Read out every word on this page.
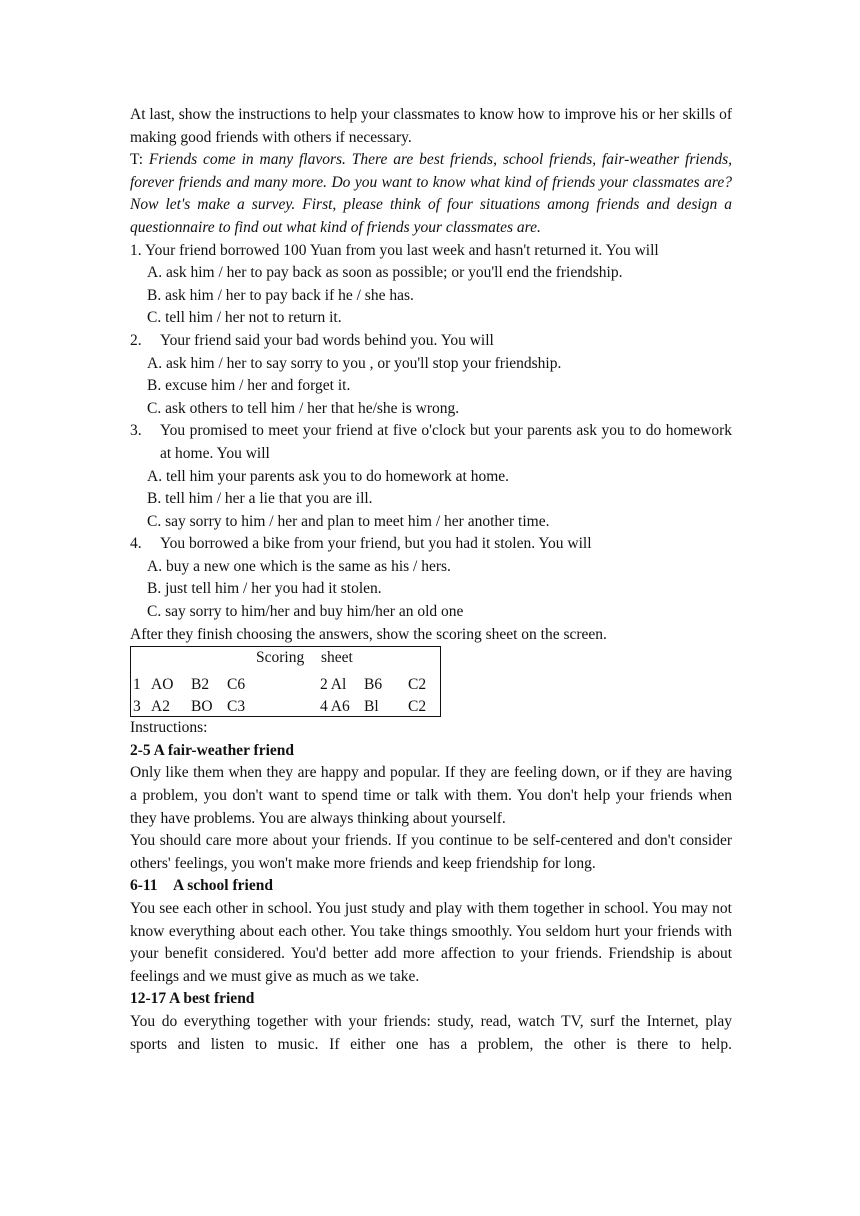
At last, show the instructions to help your classmates to know how to improve his or her skills of making good friends with others if necessary.

T: Friends come in many flavors. There are best friends, school friends, fair-weather friends, forever friends and many more. Do you want to know what kind of friends your classmates are? Now let's make a survey. First, please think of four situations among friends and design a questionnaire to find out what kind of friends your classmates are.

1. Your friend borrowed 100 Yuan from you last week and hasn't returned it. You will

A. ask him / her to pay back as soon as possible; or you'll end the friendship.

B. ask him / her to pay back if he / she has.

C. tell him / her not to return it.

2.	Your friend said your bad words behind you. You will

A. ask him / her to say sorry to you , or you'll stop your friendship.

B. excuse him / her and forget it.

C. ask others to tell him / her that he/she is wrong.

3.	You promised to meet your friend at five o'clock but your parents ask you to do homework at home. You will

A. tell him your parents ask you to do homework at home.

B. tell him / her a lie that you are ill.

C. say sorry to him / her and plan to meet him / her another time.

4.	You borrowed a bike from your friend, but you had it stolen. You will

A. buy a new one which is the same as his / hers.

B. just tell him / her you had it stolen.

C. say sorry to him/her and buy him/her an old one

After they finish choosing the answers, show the scoring sheet on the screen.

Scoring sheet
1 AO B2 C6	2 Al B6 C2
3 A2 BO C3	4 A6 Bl C2

Instructions:

2-5 A fair-weather friend

Only like them when they are happy and popular. If they are feeling down, or if they are having a problem, you don't want to spend time or talk with them. You don't help your friends when they have problems. You are always thinking about yourself.

You should care more about your friends. If you continue to be self-centered and don't consider others' feelings, you won't make more friends and keep friendship for long.

6-11    A school friend

You see each other in school. You just study and play with them together in school. You may not know everything about each other. You take things smoothly. You seldom hurt your friends with your benefit considered. You'd better add more affection to your friends. Friendship is about feelings and we must give as much as we take.

12-17 A best friend

You do everything together with your friends: study, read, watch TV, surf the Internet, play sports and listen to music. If either one has a problem, the other is there to help.
